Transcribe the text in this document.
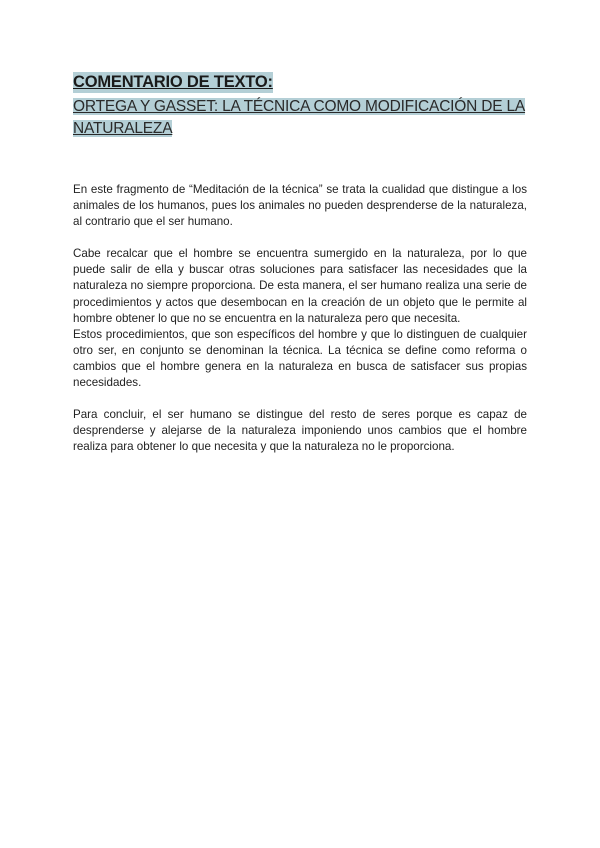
COMENTARIO DE TEXTO:
ORTEGA Y GASSET: LA TÉCNICA COMO MODIFICACIÓN DE LA NATURALEZA

En este fragmento de “Meditación de la técnica” se trata la cualidad que distingue a los animales de los humanos, pues los animales no pueden desprenderse de la naturaleza, al contrario que el ser humano.

Cabe recalcar que el hombre se encuentra sumergido en la naturaleza, por lo que puede salir de ella y buscar otras soluciones para satisfacer las necesidades que la naturaleza no siempre proporciona. De esta manera, el ser humano realiza una serie de procedimientos y actos que desembocan en la creación de un objeto que le permite al hombre obtener lo que no se encuentra en la naturaleza pero que necesita.

Estos procedimientos, que son específicos del hombre y que lo distinguen de cualquier otro ser, en conjunto se denominan la técnica. La técnica se define como reforma o cambios que el hombre genera en la naturaleza en busca de satisfacer sus propias necesidades.

Para concluir, el ser humano se distingue del resto de seres porque es capaz de desprenderse y alejarse de la naturaleza imponiendo unos cambios que el hombre realiza para obtener lo que necesita y que la naturaleza no le proporciona.
